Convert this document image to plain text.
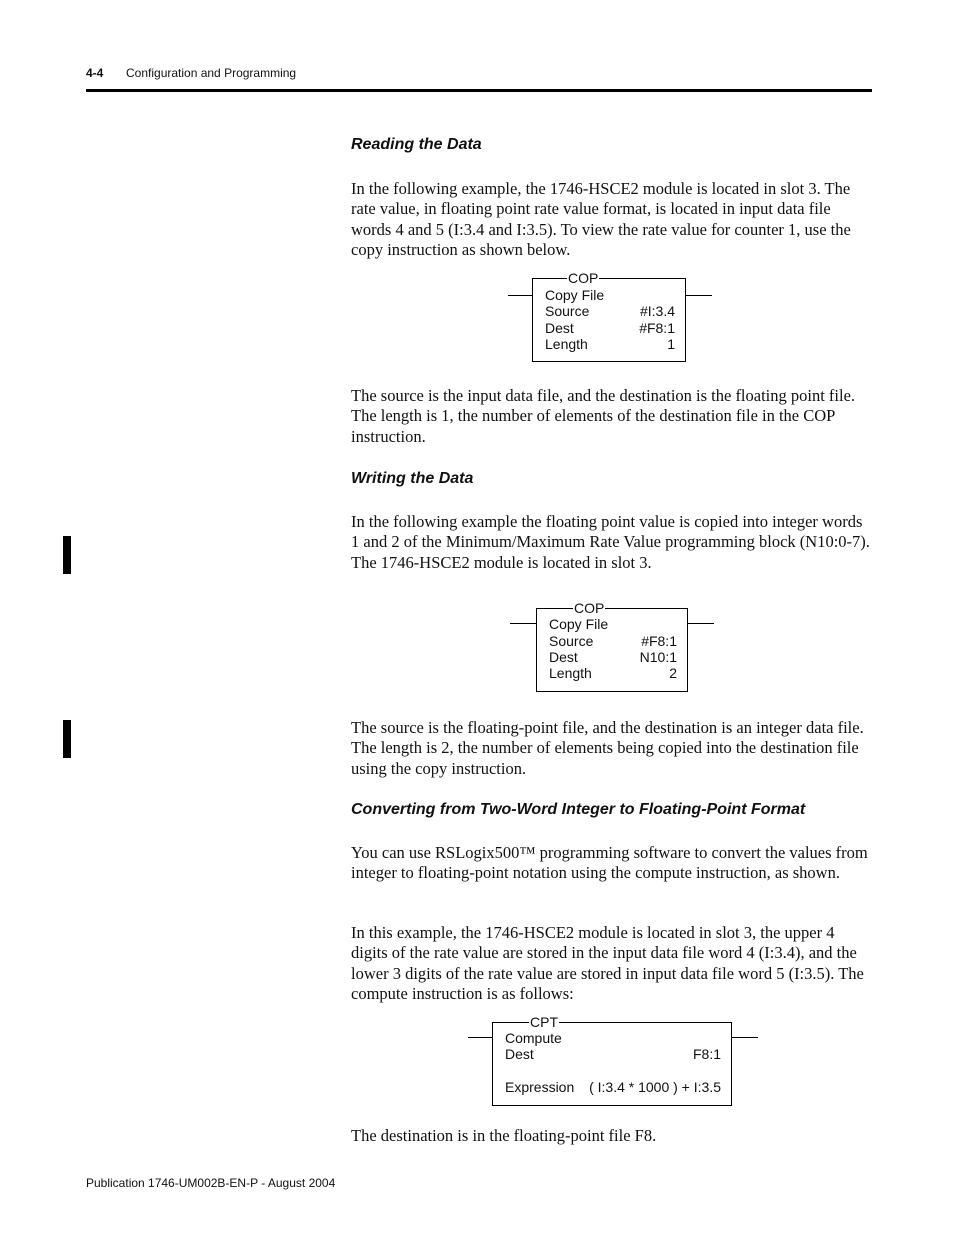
4-4 Configuration and Programming
Reading the Data

In the following example, the 1746-HSCE2 module is located in slot 3. The rate value, in floating point rate value format, is located in input data file words 4 and 5 (I:3.4 and I:3.5). To view the rate value for counter 1, use the copy instruction as shown below.

COP
Copy File
Source	#I:3.4
Dest	#F8:1
Length	1

The source is the input data file, and the destination is the floating point file. The length is 1, the number of elements of the destination file in the COP instruction.

Writing the Data

In the following example the floating point value is copied into integer words 1 and 2 of the Minimum/Maximum Rate Value programming block (N10:0-7). The 1746-HSCE2 module is located in slot 3.

COP
Copy File
Source	#F8:1
Dest	N10:1
Length	2

The source is the floating-point file, and the destination is an integer data file. The length is 2, the number of elements being copied into the destination file using the copy instruction.

Converting from Two-Word Integer to Floating-Point Format

You can use RSLogix500™ programming software to convert the values from integer to floating-point notation using the compute instruction, as shown.

In this example, the 1746-HSCE2 module is located in slot 3, the upper 4 digits of the rate value are stored in the input data file word 4 (I:3.4), and the lower 3 digits of the rate value are stored in input data file word 5 (I:3.5). The compute instruction is as follows:

CPT
Compute
Dest	F8:1
Expression ( I:3.4 * 1000 ) + I:3.5

The destination is in the floating-point file F8.

Publication 1746-UM002B-EN-P - August 2004
